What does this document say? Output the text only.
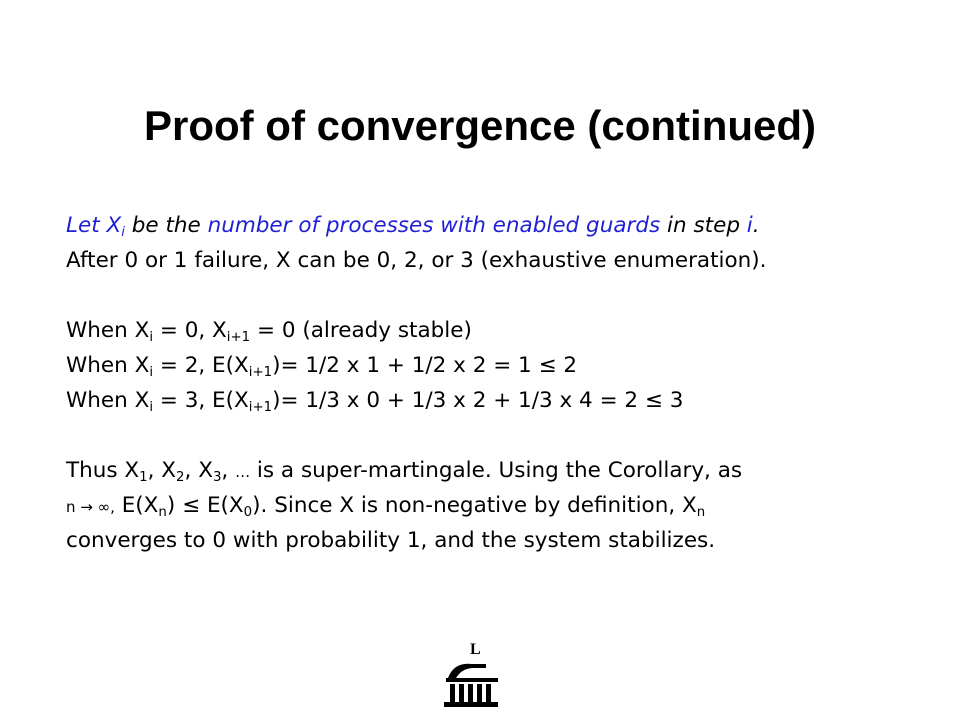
Proof of convergence (continued)
Let $X_i$ be the number of processes with enabled guards in step i.
After 0 or 1 failure, X can be 0, 2, or 3 (exhaustive enumeration).
When $X_i = 0$, $X_{i+1} = 0$ (already stable)
When $X_i = 2$, $E(X_{i+1})= 1/2$ x 1 + 1/2 x 2 = 1 ≤ 2
When $X_i = 3$, $E(X_{i+1})= 1/3$ x 0 + 1/3 x 2 + 1/3 x 4 = 2 ≤ 3
Thus $X_1$, $X_2$, $X_3$, … is a super-martingale. Using the Corollary, as
n → ∞, $E(X_n) \le E(X_0)$. Since X is non-negative by definition, $X_n$
converges to 0 with probability 1, and the system stabilizes.
L
